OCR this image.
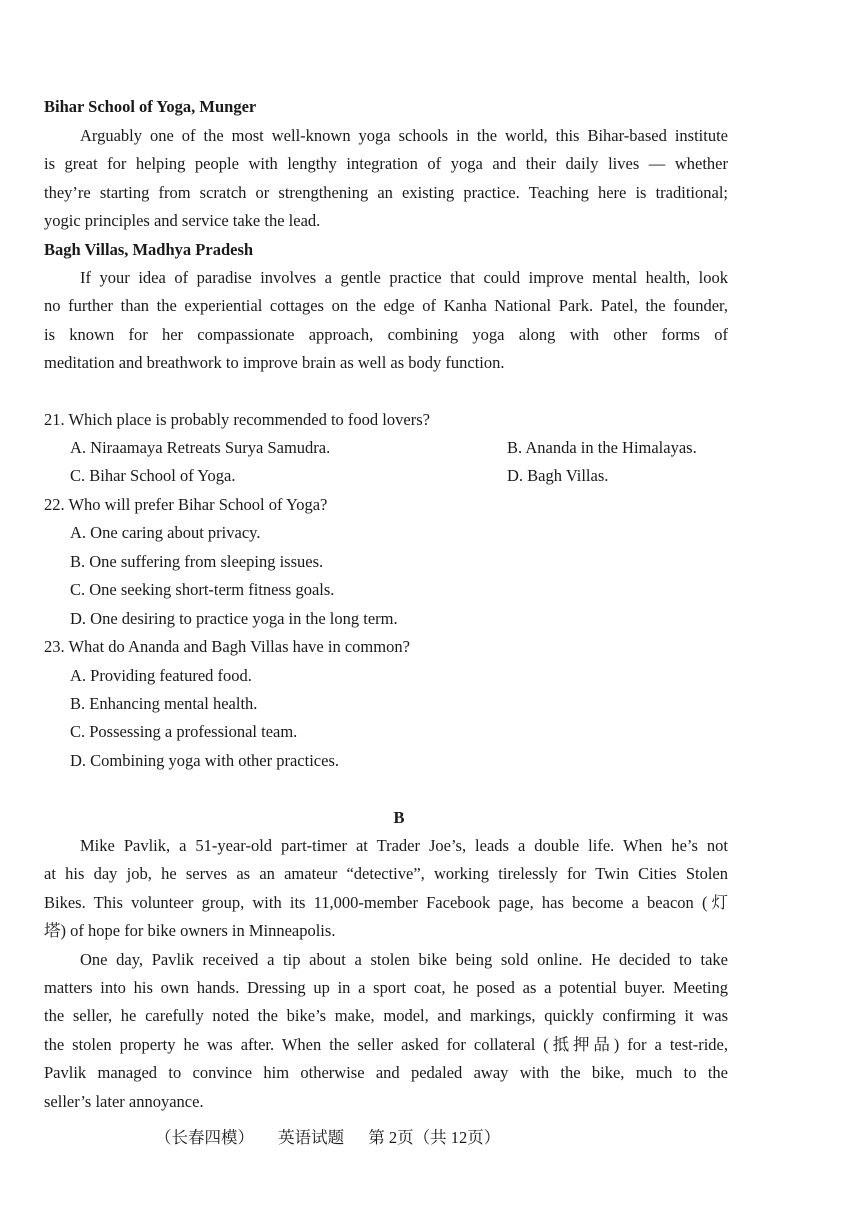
Bihar School of Yoga, Munger
Arguably one of the most well-known yoga schools in the world, this Bihar-based institute
is great for helping people with lengthy integration of yoga and their daily lives — whether
they’re starting from scratch or strengthening an existing practice. Teaching here is traditional;
yogic principles and service take the lead.
Bagh Villas, Madhya Pradesh
If your idea of paradise involves a gentle practice that could improve mental health, look
no further than the experiential cottages on the edge of Kanha National Park. Patel, the founder,
is known for her compassionate approach, combining yoga along with other forms of
meditation and breathwork to improve brain as well as body function.
21. Which place is probably recommended to food lovers?
A. Niraamaya Retreats Surya Samudra.	B. Ananda in the Himalayas.
C. Bihar School of Yoga.	D. Bagh Villas.
22. Who will prefer Bihar School of Yoga?
A. One caring about privacy.
B. One suffering from sleeping issues.
C. One seeking short-term fitness goals.
D. One desiring to practice yoga in the long term.
23. What do Ananda and Bagh Villas have in common?
A. Providing featured food.
B. Enhancing mental health.
C. Possessing a professional team.
D. Combining yoga with other practices.
B
Mike Pavlik, a 51-year-old part-timer at Trader Joe’s, leads a double life. When he’s not
at his day job, he serves as an amateur “detective”, working tirelessly for Twin Cities Stolen
Bikes. This volunteer group, with its 11,000-member Facebook page, has become a beacon (灯
塔) of hope for bike owners in Minneapolis.
One day, Pavlik received a tip about a stolen bike being sold online. He decided to take
matters into his own hands. Dressing up in a sport coat, he posed as a potential buyer. Meeting
the seller, he carefully noted the bike’s make, model, and markings, quickly confirming it was
the stolen property he was after. When the seller asked for collateral (抵押品) for a test-ride,
Pavlik managed to convince him otherwise and pedaled away with the bike, much to the
seller’s later annoyance.
（长春四模） 英语试题 第 2页（共 12页）
